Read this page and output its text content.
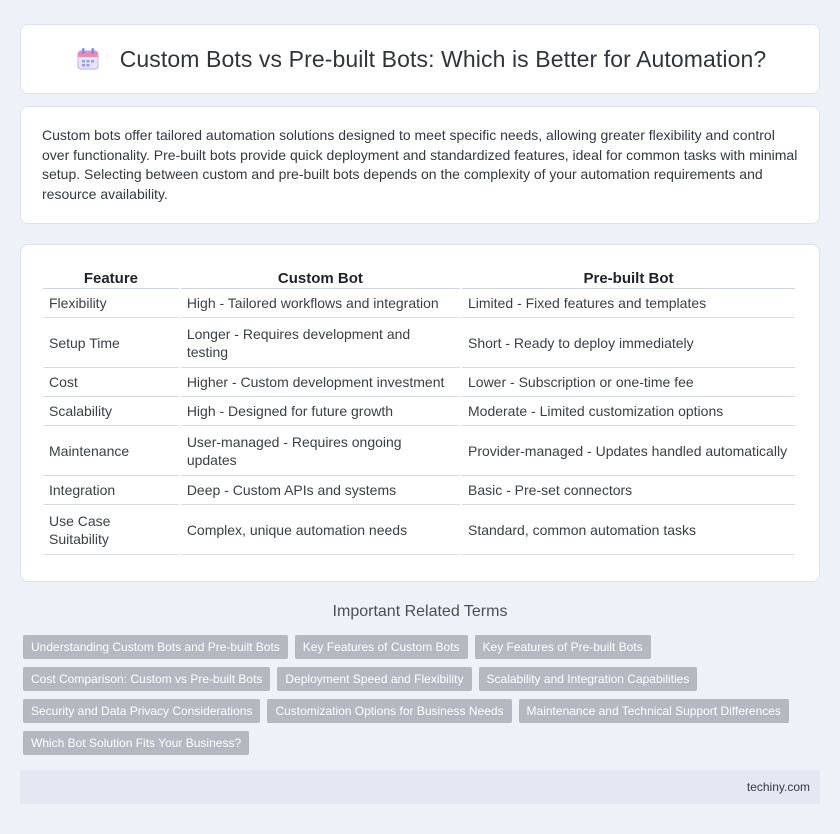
Custom Bots vs Pre-built Bots: Which is Better for Automation?

Custom bots offer tailored automation solutions designed to meet specific needs, allowing greater flexibility and control over functionality. Pre-built bots provide quick deployment and standardized features, ideal for common tasks with minimal setup. Selecting between custom and pre-built bots depends on the complexity of your automation requirements and resource availability.

Feature	Custom Bot	Pre-built Bot
Flexibility	High - Tailored workflows and integration	Limited - Fixed features and templates
Setup Time	Longer - Requires development and testing	Short - Ready to deploy immediately
Cost	Higher - Custom development investment	Lower - Subscription or one-time fee
Scalability	High - Designed for future growth	Moderate - Limited customization options
Maintenance	User-managed - Requires ongoing updates	Provider-managed - Updates handled automatically
Integration	Deep - Custom APIs and systems	Basic - Pre-set connectors
Use Case Suitability	Complex, unique automation needs	Standard, common automation tasks
Important Related Terms
Understanding Custom Bots and Pre-built Bots	Key Features of Custom Bots	Key Features of Pre-built Bots
Cost Comparison: Custom vs Pre-built Bots	Deployment Speed and Flexibility	Scalability and Integration Capabilities
Security and Data Privacy Considerations	Customization Options for Business Needs	Maintenance and Technical Support Differences
Which Bot Solution Fits Your Business?
techiny.com
